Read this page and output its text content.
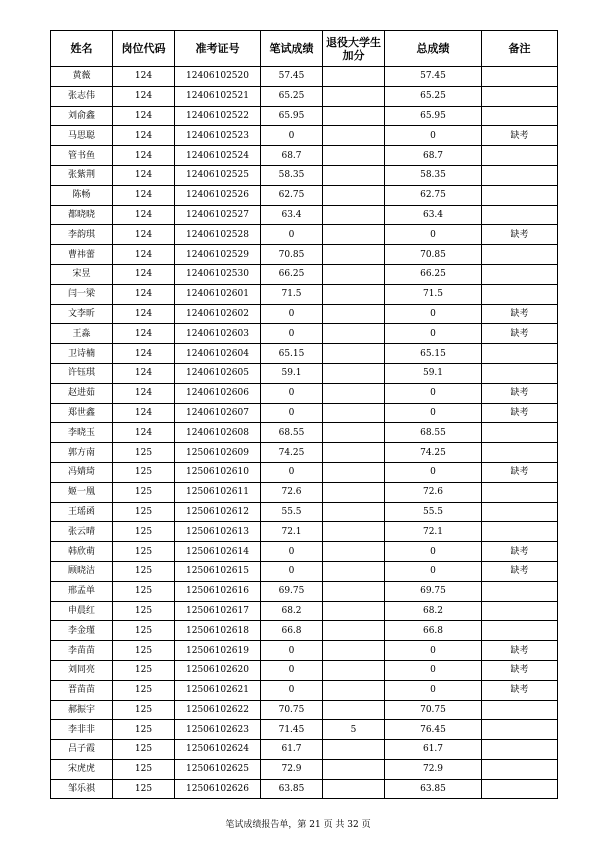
姓名	岗位代码	准考证号	笔试成绩	退役大学生加分	总成绩	备注
黄薇	124	12406102520	57.45		57.45	
张志伟	124	12406102521	65.25		65.25	
刘俞鑫	124	12406102522	65.95		65.95	
马思聪	124	12406102523	0		0	缺考
管书鱼	124	12406102524	68.7		68.7	
张紫荆	124	12406102525	58.35		58.35	
陈畅	124	12406102526	62.75		62.75	
都晓晓	124	12406102527	63.4		63.4	
李韵琪	124	12406102528	0		0	缺考
曹祎蕾	124	12406102529	70.85		70.85	
宋昱	124	12406102530	66.25		66.25	
闫一梁	124	12406102601	71.5		71.5	
文李昕	124	12406102602	0		0	缺考
王淼	124	12406102603	0		0	缺考
卫诗楠	124	12406102604	65.15		65.15	
许钰琪	124	12406102605	59.1		59.1	
赵进茹	124	12406102606	0		0	缺考
郑世鑫	124	12406102607	0		0	缺考
李晓玉	124	12406102608	68.55		68.55	
郭方南	125	12506102609	74.25		74.25	
冯婧琦	125	12506102610	0		0	缺考
姬一凰	125	12506102611	72.6		72.6	
王瑶函	125	12506102612	55.5		55.5	
张云晴	125	12506102613	72.1		72.1	
韩欣萌	125	12506102614	0		0	缺考
顾晓洁	125	12506102615	0		0	缺考
邢孟单	125	12506102616	69.75		69.75	
申晨红	125	12506102617	68.2		68.2	
李金瑾	125	12506102618	66.8		66.8	
李苗苗	125	12506102619	0		0	缺考
刘同亮	125	12506102620	0		0	缺考
晋苗苗	125	12506102621	0		0	缺考
郝振宇	125	12506102622	70.75		70.75	
李非非	125	12506102623	71.45	5	76.45	
吕子霞	125	12506102624	61.7		61.7	
宋虎虎	125	12506102625	72.9		72.9	
邹乐祺	125	12506102626	63.85		63.85	
笔试成绩报告单，第 21 页 共 32 页
